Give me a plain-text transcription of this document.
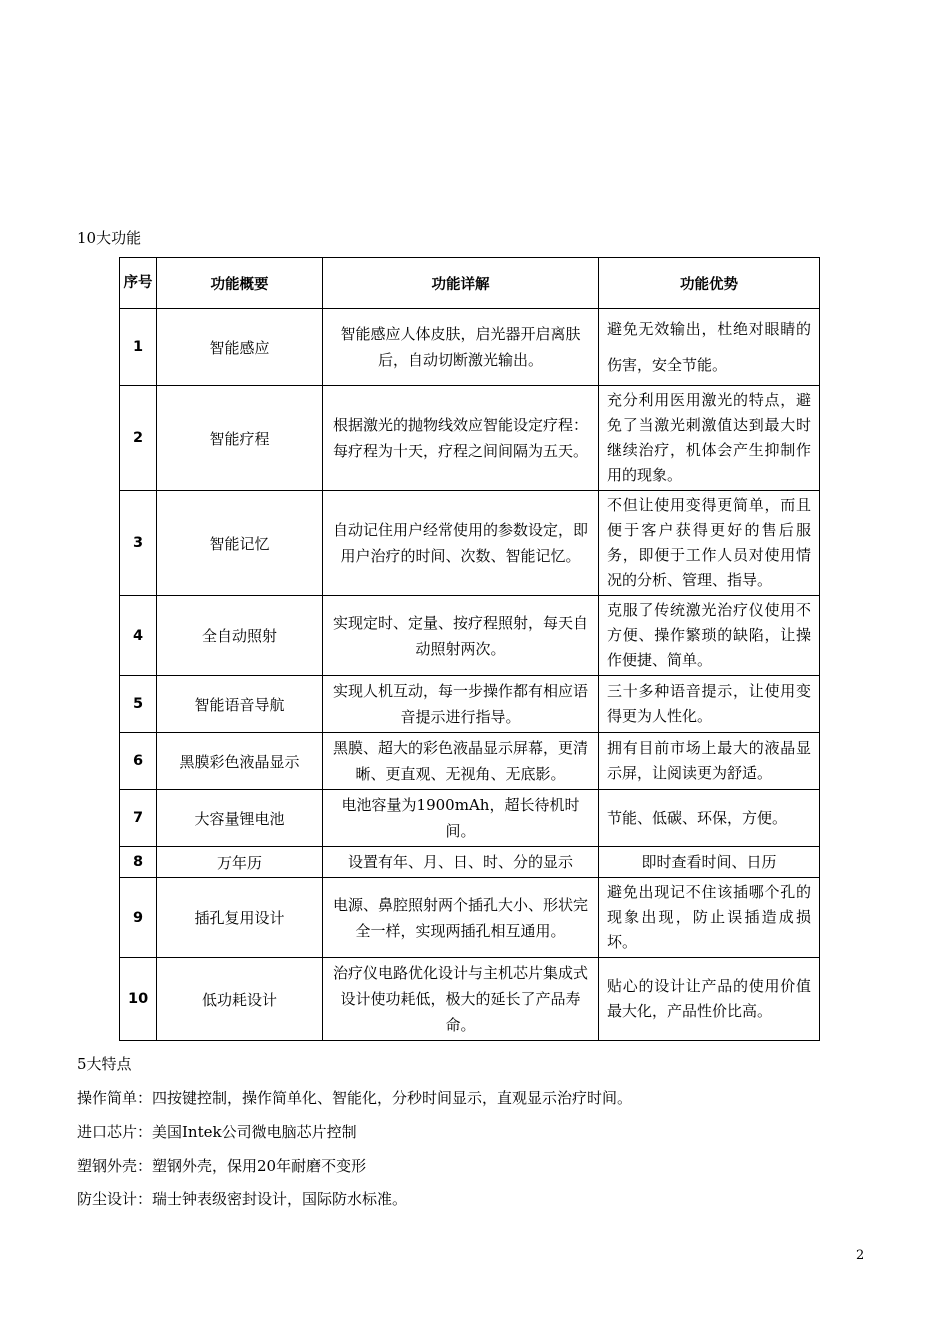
10大功能
序号	功能概要	功能详解	功能优势
1	智能感应	智能感应人体皮肤，启光器开启离肤后，自动切断激光输出。	避免无效输出，杜绝对眼睛的伤害，安全节能。
2	智能疗程	根据激光的抛物线效应智能设定疗程：每疗程为十天，疗程之间间隔为五天。	充分利用医用激光的特点，避免了当激光刺激值达到最大时继续治疗，机体会产生抑制作用的现象。
3	智能记忆	自动记住用户经常使用的参数设定，即用户治疗的时间、次数、智能记忆。	不但让使用变得更简单，而且便于客户获得更好的售后服务，即便于工作人员对使用情况的分析、管理、指导。
4	全自动照射	实现定时、定量、按疗程照射，每天自动照射两次。	克服了传统激光治疗仪使用不方便、操作繁琐的缺陷，让操作便捷、简单。
5	智能语音导航	实现人机互动，每一步操作都有相应语音提示进行指导。	三十多种语音提示，让使用变得更为人性化。
6	黑膜彩色液晶显示	黑膜、超大的彩色液晶显示屏幕，更清晰、更直观、无视角、无底影。	拥有目前市场上最大的液晶显示屏，让阅读更为舒适。
7	大容量锂电池	电池容量为1900mAh，超长待机时间。	节能、低碳、环保，方便。
8	万年历	设置有年、月、日、时、分的显示	即时查看时间、日历
9	插孔复用设计	电源、鼻腔照射两个插孔大小、形状完全一样，实现两插孔相互通用。	避免出现记不住该插哪个孔的现象出现，防止误插造成损坏。
10	低功耗设计	治疗仪电路优化设计与主机芯片集成式设计使功耗低，极大的延长了产品寿命。	贴心的设计让产品的使用价值最大化，产品性价比高。
5大特点
操作简单：四按键控制，操作简单化、智能化，分秒时间显示，直观显示治疗时间。
进口芯片：美国Intek公司微电脑芯片控制
塑钢外壳：塑钢外壳，保用20年耐磨不变形
防尘设计：瑞士钟表级密封设计，国际防水标准。
2
